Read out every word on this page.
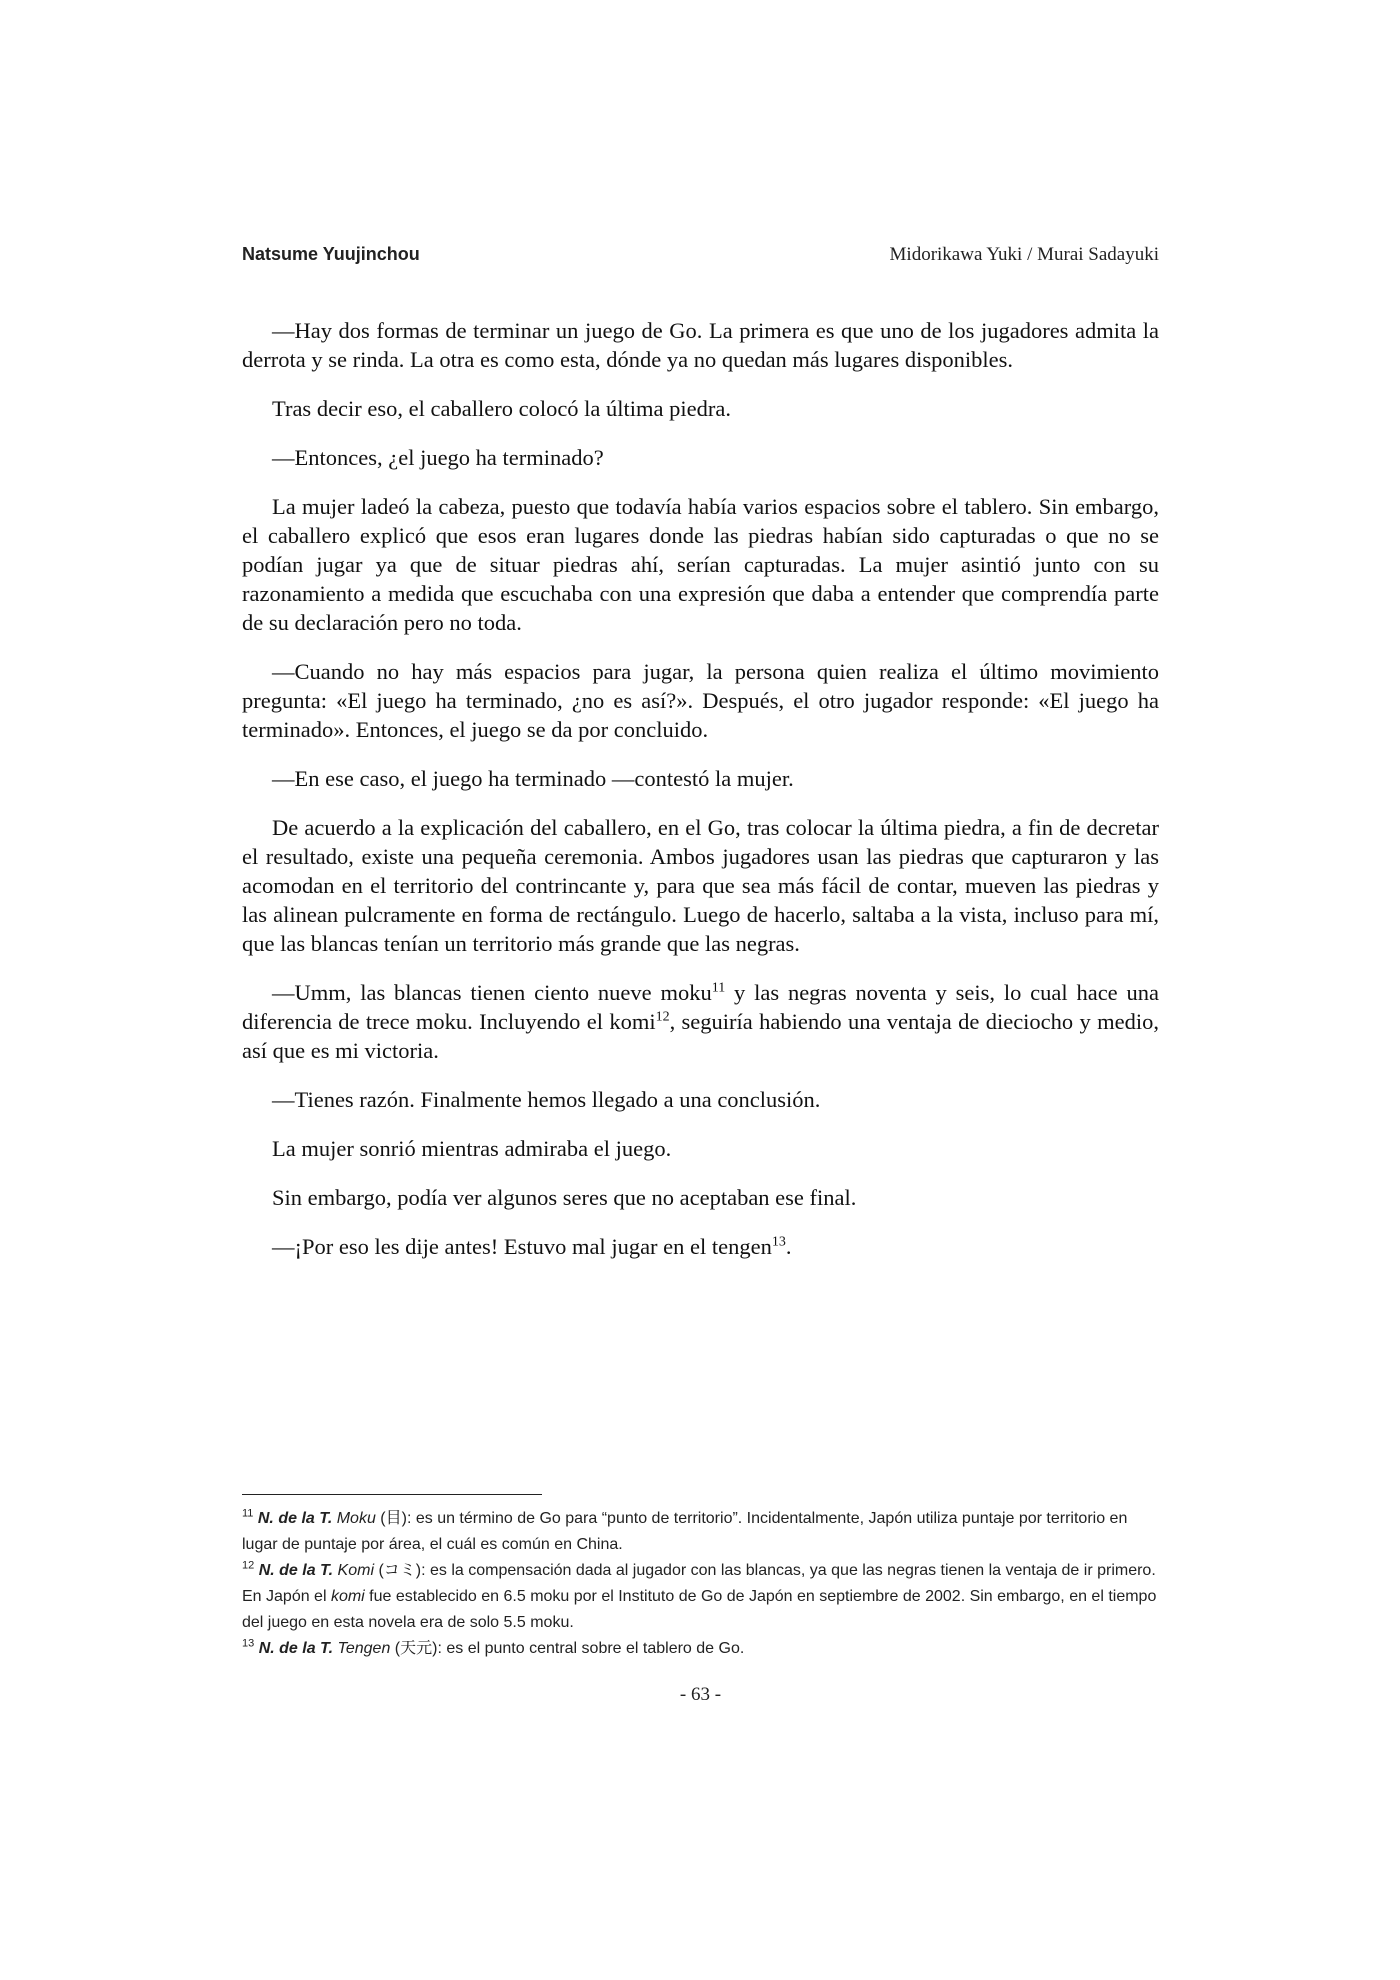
Natsume Yuujinchou	Midorikawa Yuki / Murai Sadayuki

—Hay dos formas de terminar un juego de Go. La primera es que uno de los jugadores admita la derrota y se rinda. La otra es como esta, dónde ya no quedan más lugares disponibles.

Tras decir eso, el caballero colocó la última piedra.

—Entonces, ¿el juego ha terminado?

La mujer ladeó la cabeza, puesto que todavía había varios espacios sobre el tablero. Sin embargo, el caballero explicó que esos eran lugares donde las piedras habían sido capturadas o que no se podían jugar ya que de situar piedras ahí, serían capturadas. La mujer asintió junto con su razonamiento a medida que escuchaba con una expresión que daba a entender que comprendía parte de su declaración pero no toda.

—Cuando no hay más espacios para jugar, la persona quien realiza el último movimiento pregunta: «El juego ha terminado, ¿no es así?». Después, el otro jugador responde: «El juego ha terminado». Entonces, el juego se da por concluido.

—En ese caso, el juego ha terminado —contestó la mujer.

De acuerdo a la explicación del caballero, en el Go, tras colocar la última piedra, a fin de decretar el resultado, existe una pequeña ceremonia. Ambos jugadores usan las piedras que capturaron y las acomodan en el territorio del contrincante y, para que sea más fácil de contar, mueven las piedras y las alinean pulcramente en forma de rectángulo. Luego de hacerlo, saltaba a la vista, incluso para mí, que las blancas tenían un territorio más grande que las negras.

—Umm, las blancas tienen ciento nueve moku$^{11}$ y las negras noventa y seis, lo cual hace una diferencia de trece moku. Incluyendo el komi$^{12}$, seguiría habiendo una ventaja de dieciocho y medio, así que es mi victoria.

—Tienes razón. Finalmente hemos llegado a una conclusión.

La mujer sonrió mientras admiraba el juego.

Sin embargo, podía ver algunos seres que no aceptaban ese final.

—¡Por eso les dije antes! Estuvo mal jugar en el tengen$^{13}$.

$^{11}$ N. de la T. Moku (目): es un término de Go para “punto de territorio”. Incidentalmente, Japón utiliza puntaje por territorio en lugar de puntaje por área, el cuál es común en China.

$^{12}$ N. de la T. Komi (コミ): es la compensación dada al jugador con las blancas, ya que las negras tienen la ventaja de ir primero. En Japón el komi fue establecido en 6.5 moku por el Instituto de Go de Japón en septiembre de 2002. Sin embargo, en el tiempo del juego en esta novela era de solo 5.5 moku.

$^{13}$ N. de la T. Tengen (天元): es el punto central sobre el tablero de Go.

- 63 -
